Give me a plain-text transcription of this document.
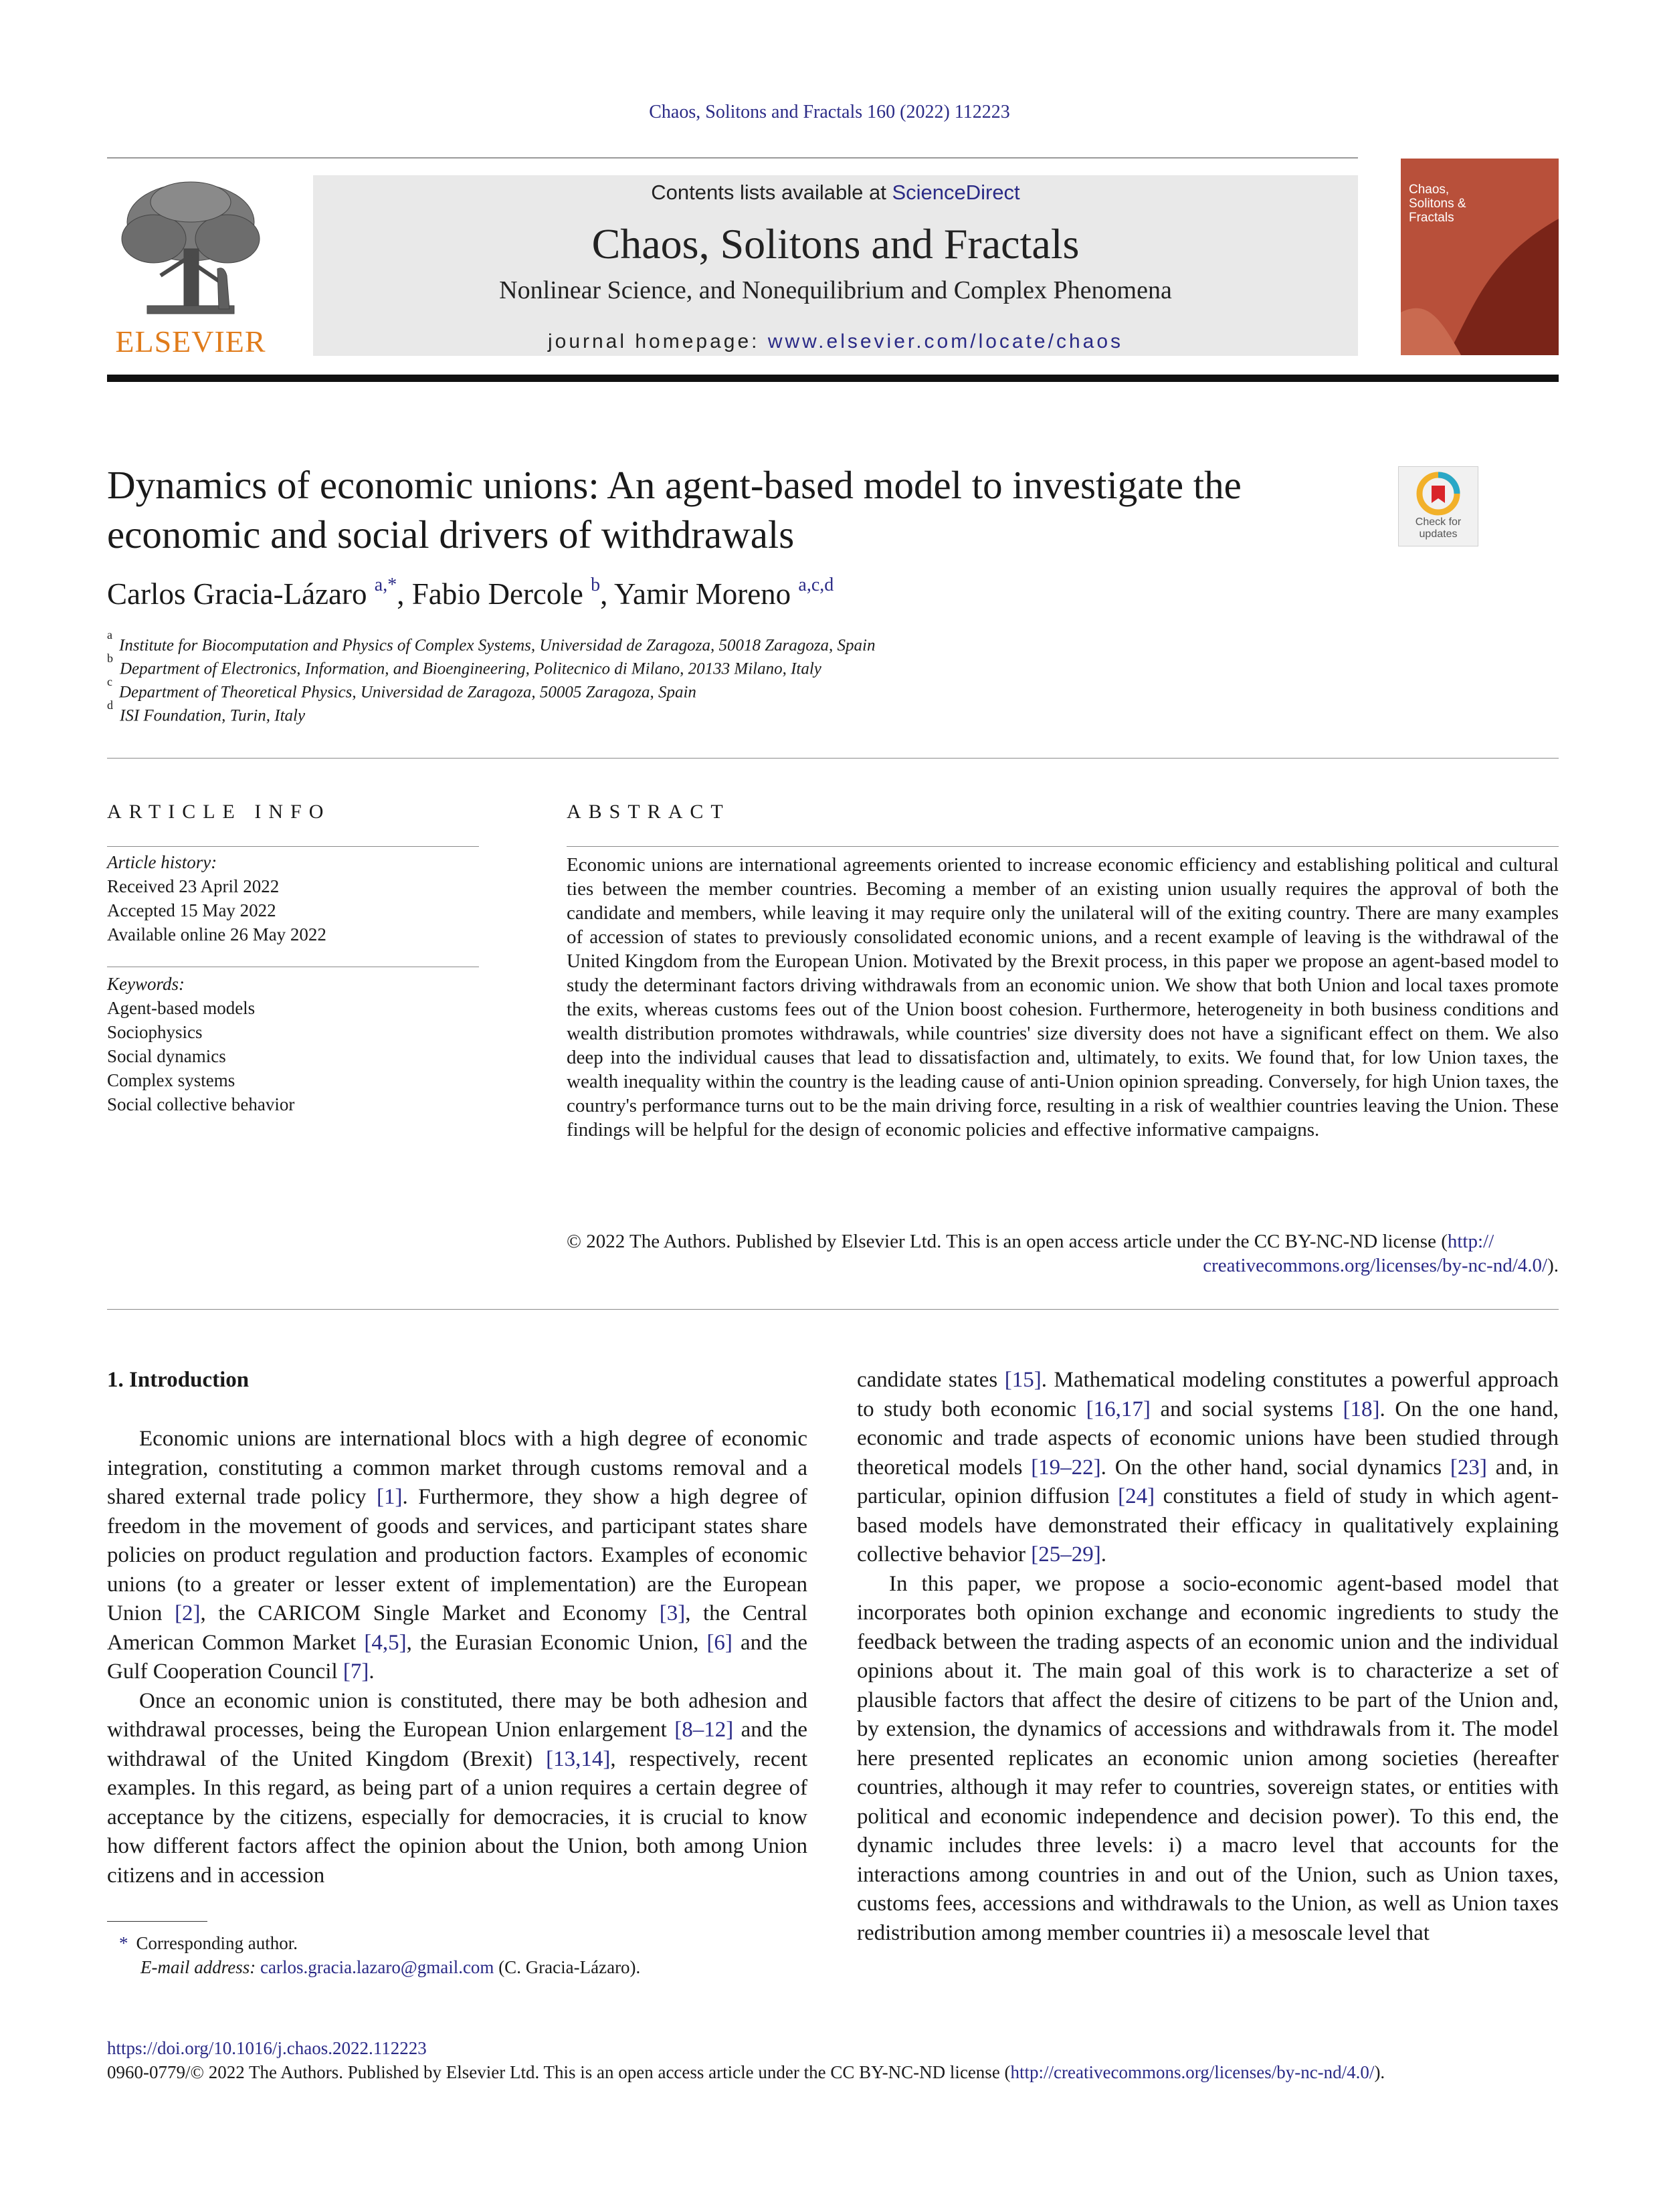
Chaos, Solitons and Fractals 160 (2022) 112223
ELSEVIER
Contents lists available at ScienceDirect
Chaos, Solitons and Fractals
Nonlinear Science, and Nonequilibrium and Complex Phenomena
journal homepage: www.elsevier.com/locate/chaos
Chaos, Solitons & Fractals
Dynamics of economic unions: An agent-based model to investigate the economic and social drivers of withdrawals	Check for updates
Carlos Gracia-Lázaro $^{a,*}$, Fabio Dercole $^b$, Yamir Moreno $^{a,c,d}$
$^a$Institute for Biocomputation and Physics of Complex Systems, Universidad de Zaragoza, 50018 Zaragoza, Spain
$^b$Department of Electronics, Information, and Bioengineering, Politecnico di Milano, 20133 Milano, Italy
$^c$Department of Theoretical Physics, Universidad de Zaragoza, 50005 Zaragoza, Spain
$^d$ISI Foundation, Turin, Italy
ARTICLE INFO
Article history:
Received 23 April 2022
Accepted 15 May 2022
Available online 26 May 2022
Keywords:
Agent-based models
Sociophysics
Social dynamics
Complex systems
Social collective behavior
ABSTRACT
Economic unions are international agreements oriented to increase economic efficiency and establishing political and cultural ties between the member countries. Becoming a member of an existing union usually requires the approval of both the candidate and members, while leaving it may require only the unilateral will of the exiting country. There are many examples of accession of states to previously consolidated economic unions, and a recent example of leaving is the withdrawal of the United Kingdom from the European Union. Motivated by the Brexit process, in this paper we propose an agent-based model to study the determinant factors driving withdrawals from an economic union. We show that both Union and local taxes promote the exits, whereas customs fees out of the Union boost cohesion. Furthermore, heterogeneity in both business conditions and wealth distribution promotes withdrawals, while countries' size diversity does not have a significant effect on them. We also deep into the individual causes that lead to dissatisfaction and, ultimately, to exits. We found that, for low Union taxes, the wealth inequality within the country is the leading cause of anti-Union opinion spreading. Conversely, for high Union taxes, the country's performance turns out to be the main driving force, resulting in a risk of wealthier countries leaving the Union. These findings will be helpful for the design of economic policies and effective informative campaigns.
© 2022 The Authors. Published by Elsevier Ltd. This is an open access article under the CC BY-NC-ND license (http://
creativecommons.org/licenses/by-nc-nd/4.0/).
1. Introduction

Economic unions are international blocs with a high degree of economic integration, constituting a common market through customs removal and a shared external trade policy [1]. Furthermore, they show a high degree of freedom in the movement of goods and services, and participant states share policies on product regulation and production factors. Examples of economic unions (to a greater or lesser extent of implementation) are the European Union [2], the CARICOM Single Market and Economy [3], the Central American Common Market [4,5], the Eurasian Economic Union, [6] and the Gulf Cooperation Council [7].

Once an economic union is constituted, there may be both adhesion and withdrawal processes, being the European Union enlargement [8–12] and the withdrawal of the United Kingdom (Brexit) [13,14], respectively, recent examples. In this regard, as being part of a union requires a certain degree of acceptance by the citizens, especially for democracies, it is crucial to know how different factors affect the opinion about the Union, both among Union citizens and in accession

candidate states [15]. Mathematical modeling constitutes a powerful approach to study both economic [16,17] and social systems [18]. On the one hand, economic and trade aspects of economic unions have been studied through theoretical models [19–22]. On the other hand, social dynamics [23] and, in particular, opinion diffusion [24] constitutes a field of study in which agent-based models have demonstrated their efficacy in qualitatively explaining collective behavior [25–29].

In this paper, we propose a socio-economic agent-based model that incorporates both opinion exchange and economic ingredients to study the feedback between the trading aspects of an economic union and the individual opinions about it. The main goal of this work is to characterize a set of plausible factors that affect the desire of citizens to be part of the Union and, by extension, the dynamics of accessions and withdrawals from it. The model here presented replicates an economic union among societies (hereafter countries, although it may refer to countries, sovereign states, or entities with political and economic independence and decision power). To this end, the dynamic includes three levels: i) a macro level that accounts for the interactions among countries in and out of the Union, such as Union taxes, customs fees, accessions and withdrawals to the Union, as well as Union taxes redistribution among member countries ii) a mesoscale level that

* Corresponding author.
E-mail address: carlos.gracia.lazaro@gmail.com (C. Gracia-Lázaro).
https://doi.org/10.1016/j.chaos.2022.112223
0960-0779/© 2022 The Authors. Published by Elsevier Ltd. This is an open access article under the CC BY-NC-ND license (http://creativecommons.org/licenses/by-nc-nd/4.0/).
